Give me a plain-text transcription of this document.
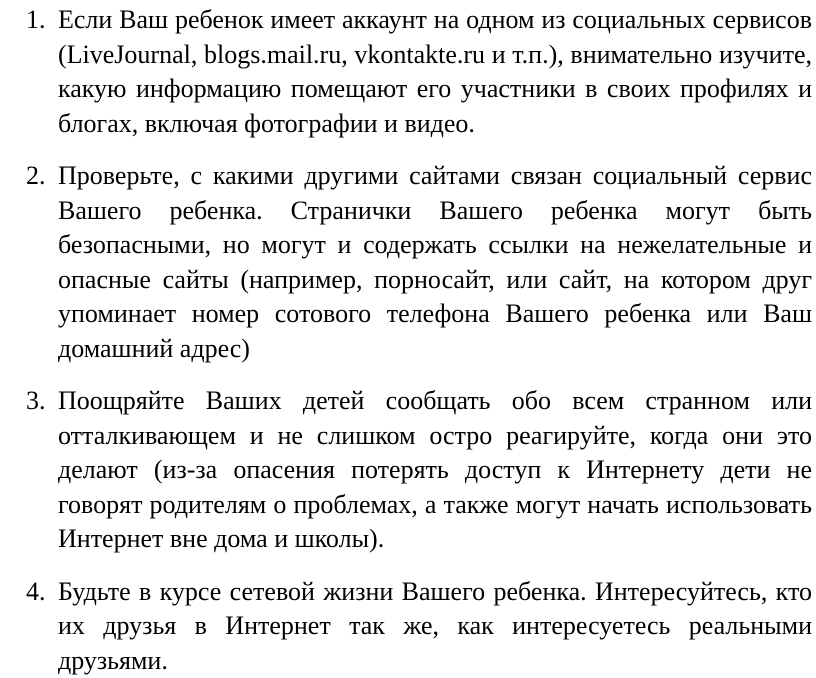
1. Если Ваш ребенок имеет аккаунт на одном из социальных сервисов (LiveJournal, blogs.mail.ru, vkontakte.ru и т.п.), внимательно изучите, какую информацию помещают его участники в своих профилях и блогах, включая фотографии и видео.
2. Проверьте, с какими другими сайтами связан социальный сервис Вашего ребенка. Странички Вашего ребенка могут быть безопасными, но могут и содержать ссылки на нежелательные и опасные сайты (например, порносайт, или сайт, на котором друг упоминает номер сотового телефона Вашего ребенка или Ваш домашний адрес)
3. Поощряйте Ваших детей сообщать обо всем странном или отталкивающем и не слишком остро реагируйте, когда они это делают (из-за опасения потерять доступ к Интернету дети не говорят родителям о проблемах, а также могут начать использовать Интернет вне дома и школы).
4. Будьте в курсе сетевой жизни Вашего ребенка. Интересуйтесь, кто их друзья в Интернет так же, как интересуетесь реальными друзьями.
